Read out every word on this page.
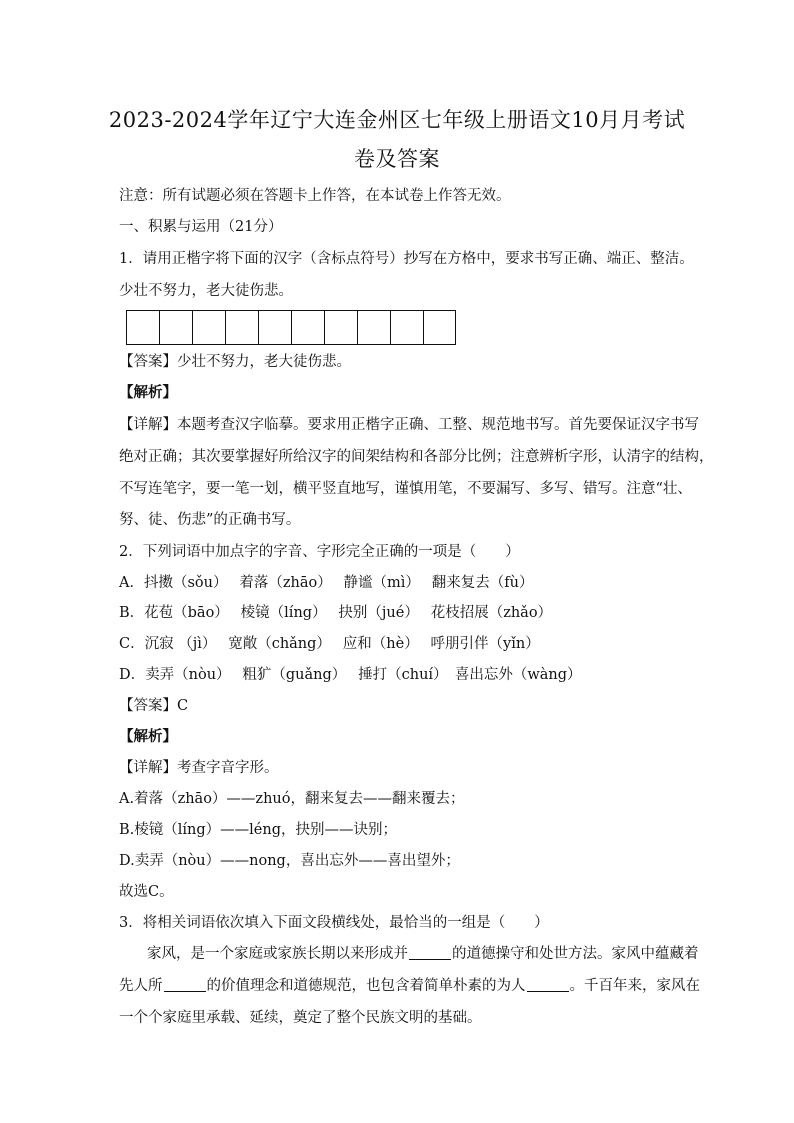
2023-2024学年辽宁大连金州区七年级上册语文10月月考试
卷及答案
注意：所有试题必须在答题卡上作答，在本试卷上作答无效。
一、积累与运用（21分）
1．请用正楷字将下面的汉字（含标点符号）抄写在方格中，要求书写正确、端正、整洁。
少壮不努力，老大徒伤悲。
【答案】少壮不努力，老大徒伤悲。
【解析】
【详解】本题考查汉字临摹。要求用正楷字正确、工整、规范地书写。首先要保证汉字书写
绝对正确；其次要掌握好所给汉字的间架结构和各部分比例；注意辨析字形，认清字的结构，
不写连笔字，要一笔一划，横平竖直地写，谨慎用笔，不要漏写、多写、错写。注意“壮、
努、徒、伤悲”的正确书写。
2．下列词语中加点字的字音、字形完全正确的一项是（　　）
A．抖擞（sǒu）　 着落（zhāo）　 静谧（mì）　 翻来复去（fù）
B．花苞（bāo）　 棱镜（líng）　 抉别（jué）　 花枝招展（zhǎo）
C．沉寂 （jì）　 宽敞（chǎng）　 应和（hè）　 呼朋引伴（yǐn）
D．卖弄（nòu）　 粗犷（guǎng）　 捶打（chuí）　喜出忘外（wàng）
【答案】C
【解析】
【详解】考查字音字形。
A.着落（zhāo）——zhuó，翻来复去——翻来覆去；
B.棱镜（líng）——léng，抉别——诀别；
D.卖弄（nòu）——nong，喜出忘外——喜出望外；
故选C。
3．将相关词语依次填入下面文段横线处，最恰当的一组是（　　）
家风，是一个家庭或家族长期以来形成并	的道德操守和处世方法。家风中蕴藏着
先人所	的价值理念和道德规范，也包含着简单朴素的为人	。千百年来，家风在
一个个家庭里承载、延续，奠定了整个民族文明的基础。
